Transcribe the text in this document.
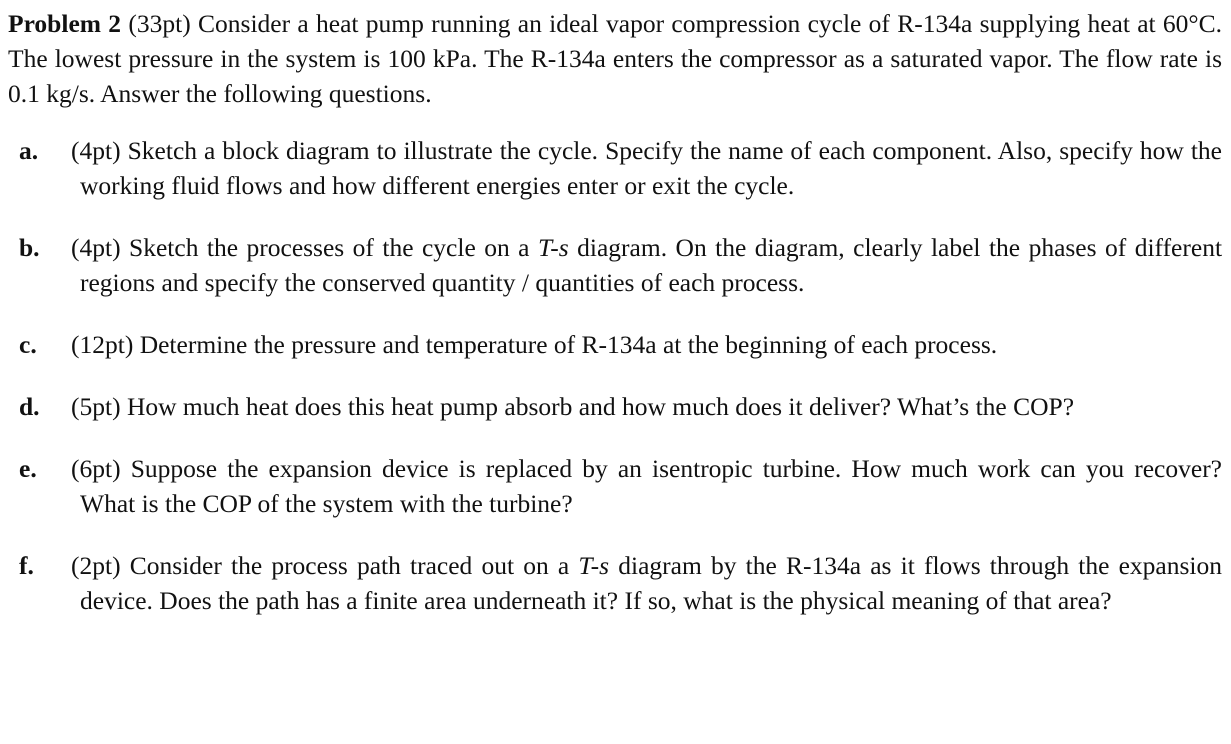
Problem 2 (33pt) Consider a heat pump running an ideal vapor compression cycle of R-134a supplying heat at 60°C. The lowest pressure in the system is 100 kPa. The R-134a enters the compressor as a saturated vapor. The flow rate is 0.1 kg/s. Answer the following questions.

a. (4pt) Sketch a block diagram to illustrate the cycle. Specify the name of each component. Also, specify how the working fluid flows and how different energies enter or exit the cycle.
b. (4pt) Sketch the processes of the cycle on a T-s diagram. On the diagram, clearly label the phases of different regions and specify the conserved quantity / quantities of each process.
c. (12pt) Determine the pressure and temperature of R-134a at the beginning of each process.
d. (5pt) How much heat does this heat pump absorb and how much does it deliver? What’s the COP?
e. (6pt) Suppose the expansion device is replaced by an isentropic turbine. How much work can you recover? What is the COP of the system with the turbine?
f. (2pt) Consider the process path traced out on a T-s diagram by the R-134a as it flows through the expansion device. Does the path has a finite area underneath it? If so, what is the physical meaning of that area?
